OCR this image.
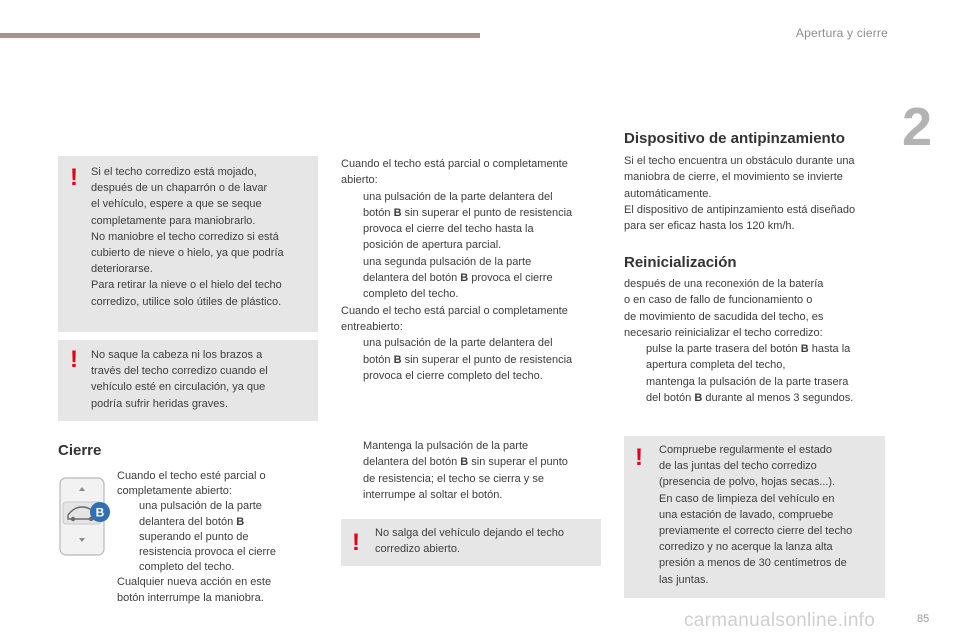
Apertura y cierre
2
! Si el techo corredizo está mojado,
después de un chaparrón o de lavar
el vehículo, espere a que se seque
completamente para maniobrarlo.
No maniobre el techo corredizo si está
cubierto de nieve o hielo, ya que podría
deteriorarse.
Para retirar la nieve o el hielo del techo
corredizo, utilice solo útiles de plástico.
! No saque la cabeza ni los brazos a
través del techo corredizo cuando el
vehículo esté en circulación, ya que
podría sufrir heridas graves.
Cierre
B

Cuando el techo esté parcial o
completamente abierto:

una pulsación de la parte
delantera del botón B
superando el punto de
resistencia provoca el cierre
completo del techo.

Cualquier nueva acción en este
botón interrumpe la maniobra.

Cuando el techo está parcial o completamente
abierto:

una pulsación de la parte delantera del
botón B sin superar el punto de resistencia
provoca el cierre del techo hasta la
posición de apertura parcial.
una segunda pulsación de la parte
delantera del botón B provoca el cierre
completo del techo.

Cuando el techo está parcial o completamente
entreabierto:

una pulsación de la parte delantera del
botón B sin superar el punto de resistencia
provoca el cierre completo del techo.
Mantenga la pulsación de la parte
delantera del botón B sin superar el punto
de resistencia; el techo se cierra y se
interrumpe al soltar el botón.
! No salga del vehículo dejando el techo
corredizo abierto.
Dispositivo de antipinzamiento
Si el techo encuentra un obstáculo durante una
maniobra de cierre, el movimiento se invierte
automáticamente.
El dispositivo de antipinzamiento está diseñado
para ser eficaz hasta los 120 km/h.
Reinicialización

después de una reconexión de la batería
o en caso de fallo de funcionamiento o
de movimiento de sacudida del techo, es
necesario reinicializar el techo corredizo:

pulse la parte trasera del botón B hasta la
apertura completa del techo,
mantenga la pulsación de la parte trasera
del botón B durante al menos 3 segundos.
! Compruebe regularmente el estado
de las juntas del techo corredizo
(presencia de polvo, hojas secas...).
En caso de limpieza del vehículo en
una estación de lavado, compruebe
previamente el correcto cierre del techo
corredizo y no acerque la lanza alta
presión a menos de 30 centímetros de
las juntas.
carmanualsonline.info	85
